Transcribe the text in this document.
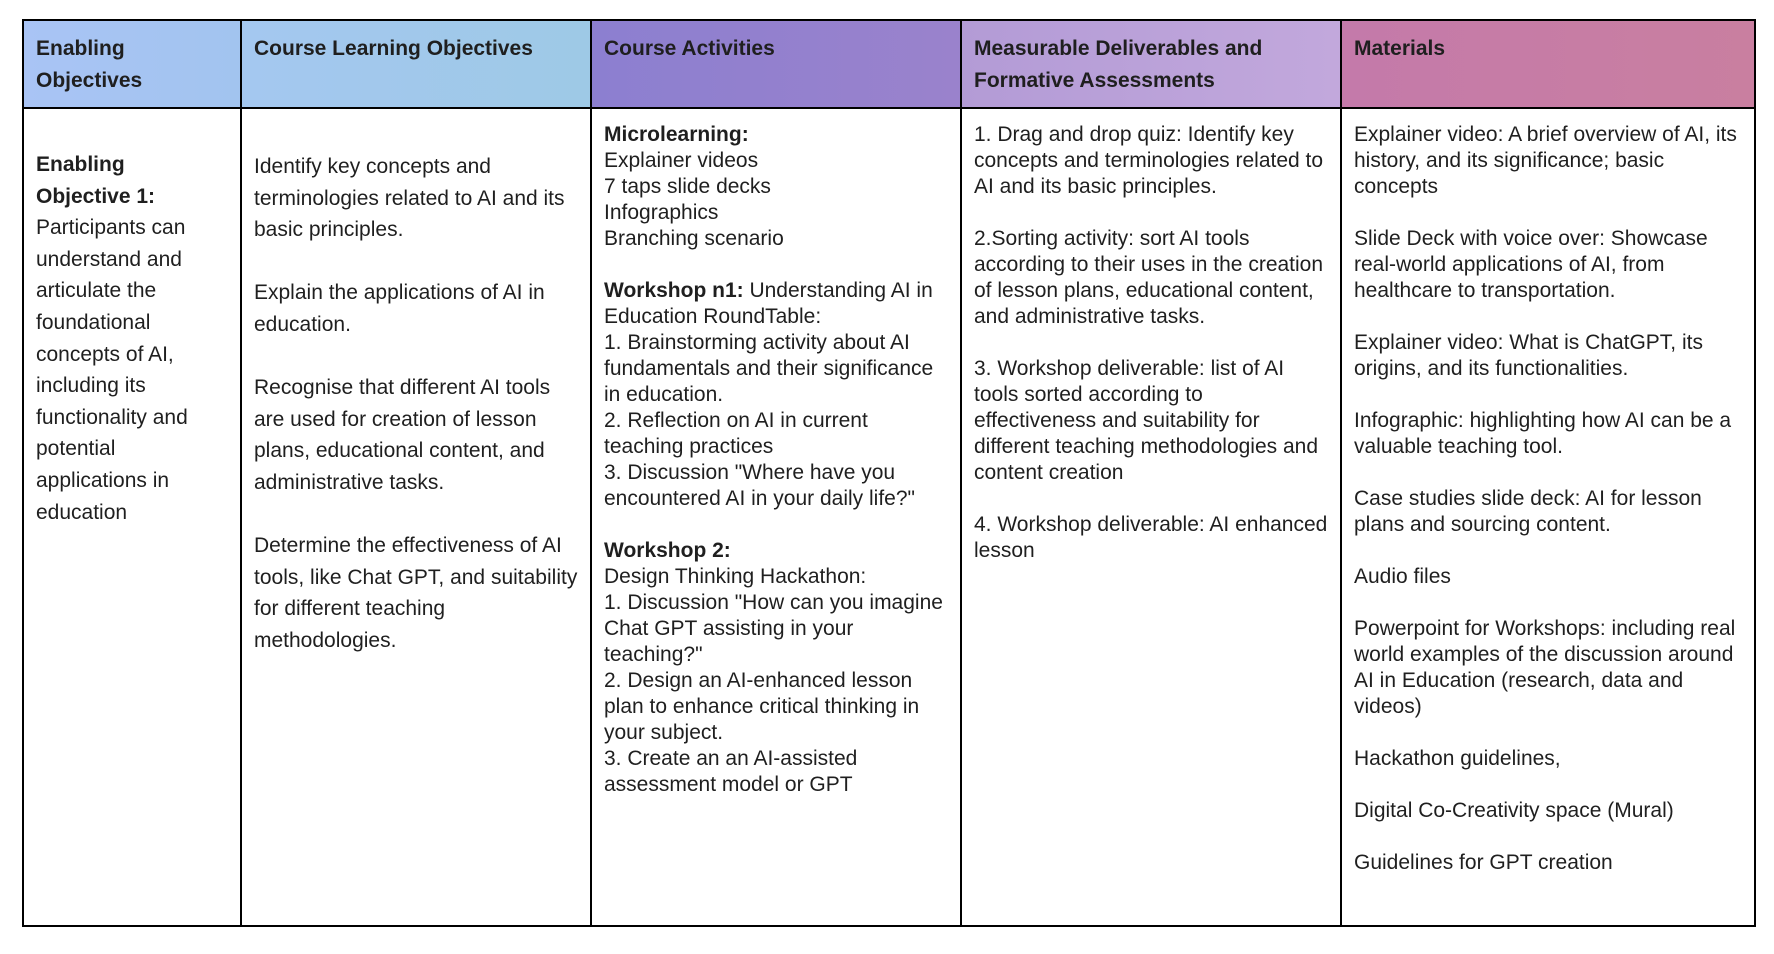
Enabling Objectives
Course Learning Objectives	Course Activities	Measurable Deliverables and Formative Assessments
Materials
Enabling
Objective 1:
Participants can
understand and
articulate the
foundational
concepts of AI,
including its
functionality and
potential
applications in
education

Identify key concepts and terminologies related to AI and its basic principles.

Explain the applications of AI in education.

Recognise that different AI tools are used for creation of lesson plans, educational content, and administrative tasks.

Determine the effectiveness of AI tools, like Chat GPT, and suitability for different teaching methodologies.

Microlearning:
Explainer videos
7 taps slide decks
Infographics
Branching scenario

Workshop n1: Understanding AI in Education RoundTable:
1. Brainstorming activity about AI fundamentals and their significance in education.
2. Reflection on AI in current teaching practices
3. Discussion "Where have you encountered AI in your daily life?"

Workshop 2:
Design Thinking Hackathon:
1. Discussion "How can you imagine Chat GPT assisting in your teaching?"
2. Design an AI-enhanced lesson plan to enhance critical thinking in your subject.
3. Create an an AI-assisted assessment model or GPT

1. Drag and drop quiz: Identify key concepts and terminologies related to AI and its basic principles.

2.Sorting activity: sort AI tools according to their uses in the creation of lesson plans, educational content, and administrative tasks.

3. Workshop deliverable: list of AI tools sorted according to effectiveness and suitability for different teaching methodologies and content creation

4. Workshop deliverable: AI enhanced lesson

Explainer video: A brief overview of AI, its history, and its significance; basic concepts

Slide Deck with voice over: Showcase real-world applications of AI, from healthcare to transportation.

Explainer video: What is ChatGPT, its origins, and its functionalities.

Infographic: highlighting how AI can be a valuable teaching tool.

Case studies slide deck: AI for lesson plans and sourcing content.

Audio files

Powerpoint for Workshops: including real world examples of the discussion around AI in Education (research, data and videos)

Hackathon guidelines,

Digital Co-Creativity space (Mural)

Guidelines for GPT creation
